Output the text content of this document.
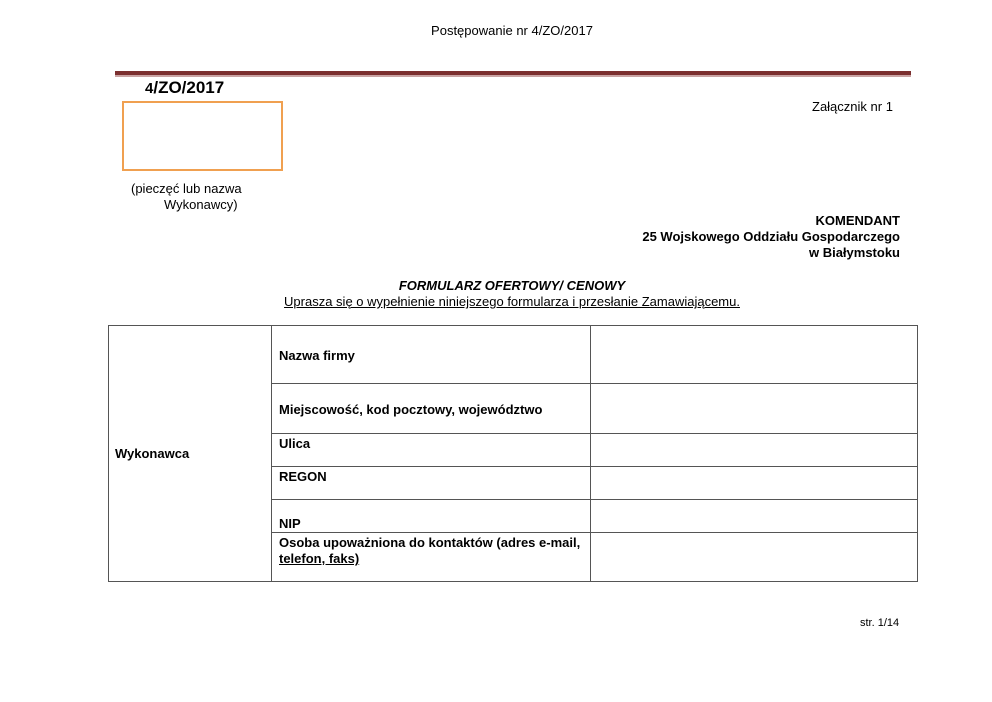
Postępowanie nr 4/ZO/2017
4/ZO/2017
Załącznik nr 1
(pieczęć lub nazwa
Wykonawcy)
KOMENDANT
25 Wojskowego Oddziału Gospodarczego
w Białymstoku
FORMULARZ OFERTOWY/ CENOWY
Uprasza się o wypełnienie niniejszego formularza i przesłanie Zamawiającemu.
Wykonawca	Nazwa firmy	
	Miejscowość, kod pocztowy, województwo	
	Ulica	
	REGON	
	NIP	
	Osoba upoważniona do kontaktów (adres e-mail, telefon, faks)	
str. 1/14
